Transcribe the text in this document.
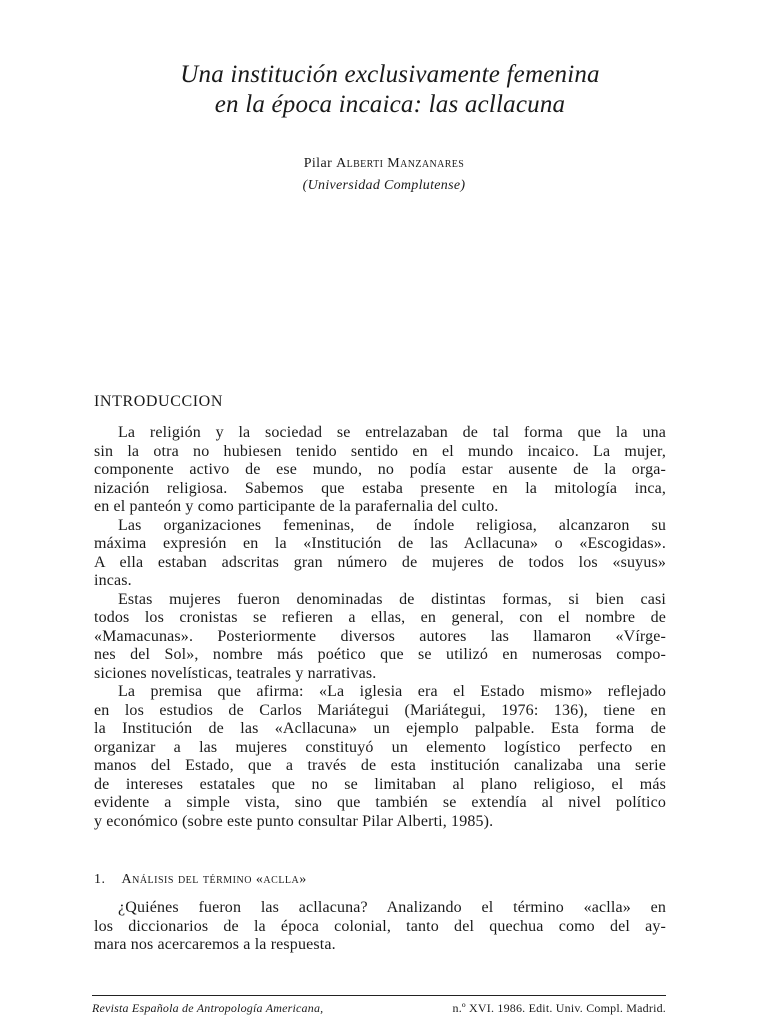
Una institución exclusivamente femenina
en la época incaica: las acllacuna
Pilar Alberti Manzanares
(Universidad Complutense)
INTRODUCCION
La religión y la sociedad se entrelazaban de tal forma que la una
sin la otra no hubiesen tenido sentido en el mundo incaico. La mujer,
componente activo de ese mundo, no podía estar ausente de la orga-
nización religiosa. Sabemos que estaba presente en la mitología inca,
en el panteón y como participante de la parafernalia del culto.
Las organizaciones femeninas, de índole religiosa, alcanzaron su
máxima expresión en la «Institución de las Acllacuna» o «Escogidas».
A ella estaban adscritas gran número de mujeres de todos los «suyus»
incas.
Estas mujeres fueron denominadas de distintas formas, si bien casi
todos los cronistas se refieren a ellas, en general, con el nombre de
«Mamacunas». Posteriormente diversos autores las llamaron «Vírge-
nes del Sol», nombre más poético que se utilizó en numerosas compo-
siciones novelísticas, teatrales y narrativas.
La premisa que afirma: «La iglesia era el Estado mismo» reflejado
en los estudios de Carlos Mariátegui (Mariátegui, 1976: 136), tiene en
la Institución de las «Acllacuna» un ejemplo palpable. Esta forma de
organizar a las mujeres constituyó un elemento logístico perfecto en
manos del Estado, que a través de esta institución canalizaba una serie
de intereses estatales que no se limitaban al plano religioso, el más
evidente a simple vista, sino que también se extendía al nivel político
y económico (sobre este punto consultar Pilar Alberti, 1985).
1. Análisis del término «aclla»
¿Quiénes fueron las acllacuna? Analizando el término «aclla» en
los diccionarios de la época colonial, tanto del quechua como del ay-
mara nos acercaremos a la respuesta.
Revista Española de Antropología Americana,	n.º XVI. 1986. Edit. Univ. Compl. Madrid.
